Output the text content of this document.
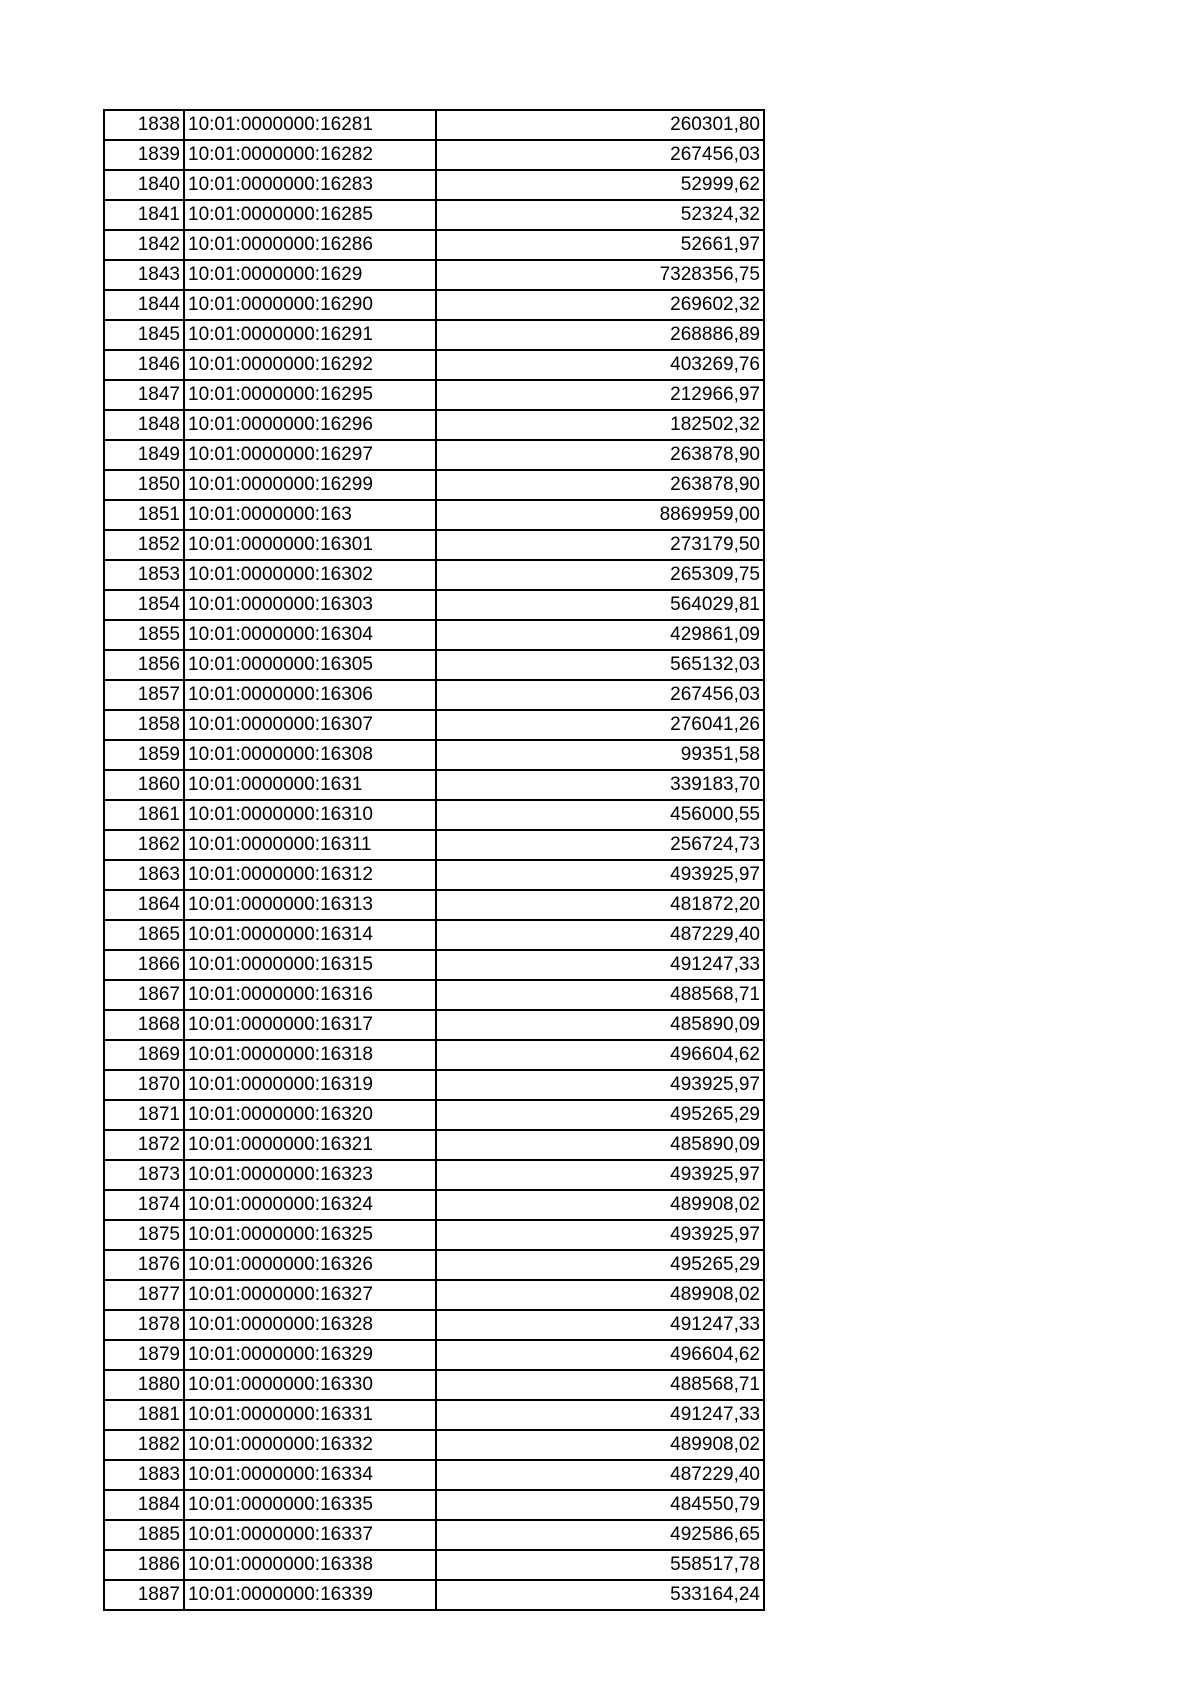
1838	10:01:0000000:16281	260301,80
1839	10:01:0000000:16282	267456,03
1840	10:01:0000000:16283	52999,62
1841	10:01:0000000:16285	52324,32
1842	10:01:0000000:16286	52661,97
1843	10:01:0000000:1629	7328356,75
1844	10:01:0000000:16290	269602,32
1845	10:01:0000000:16291	268886,89
1846	10:01:0000000:16292	403269,76
1847	10:01:0000000:16295	212966,97
1848	10:01:0000000:16296	182502,32
1849	10:01:0000000:16297	263878,90
1850	10:01:0000000:16299	263878,90
1851	10:01:0000000:163	8869959,00
1852	10:01:0000000:16301	273179,50
1853	10:01:0000000:16302	265309,75
1854	10:01:0000000:16303	564029,81
1855	10:01:0000000:16304	429861,09
1856	10:01:0000000:16305	565132,03
1857	10:01:0000000:16306	267456,03
1858	10:01:0000000:16307	276041,26
1859	10:01:0000000:16308	99351,58
1860	10:01:0000000:1631	339183,70
1861	10:01:0000000:16310	456000,55
1862	10:01:0000000:16311	256724,73
1863	10:01:0000000:16312	493925,97
1864	10:01:0000000:16313	481872,20
1865	10:01:0000000:16314	487229,40
1866	10:01:0000000:16315	491247,33
1867	10:01:0000000:16316	488568,71
1868	10:01:0000000:16317	485890,09
1869	10:01:0000000:16318	496604,62
1870	10:01:0000000:16319	493925,97
1871	10:01:0000000:16320	495265,29
1872	10:01:0000000:16321	485890,09
1873	10:01:0000000:16323	493925,97
1874	10:01:0000000:16324	489908,02
1875	10:01:0000000:16325	493925,97
1876	10:01:0000000:16326	495265,29
1877	10:01:0000000:16327	489908,02
1878	10:01:0000000:16328	491247,33
1879	10:01:0000000:16329	496604,62
1880	10:01:0000000:16330	488568,71
1881	10:01:0000000:16331	491247,33
1882	10:01:0000000:16332	489908,02
1883	10:01:0000000:16334	487229,40
1884	10:01:0000000:16335	484550,79
1885	10:01:0000000:16337	492586,65
1886	10:01:0000000:16338	558517,78
1887	10:01:0000000:16339	533164,24
